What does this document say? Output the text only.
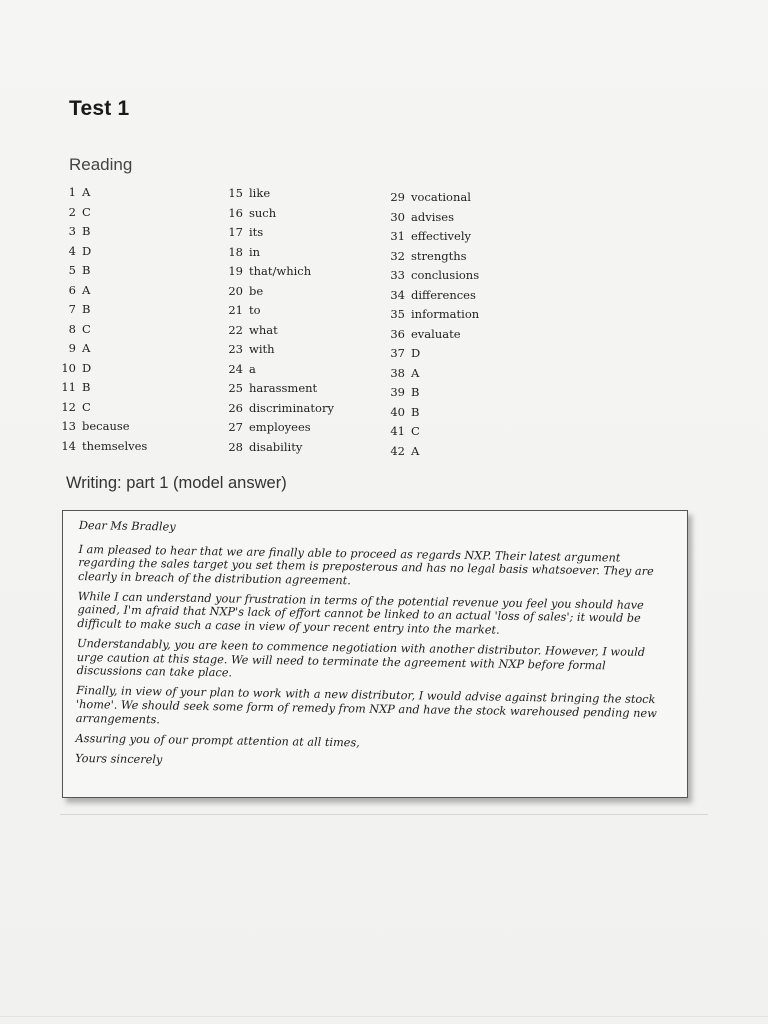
Test 1
Reading
1 A
2 C
3 B
4 D
5 B
6 A
7 B
8 C
9 A
10 D
11 B
12 C
13 because
14 themselves
15 like
16 such
17 its
18 in
19 that/which
20 be
21 to
22 what
23 with
24 a
25 harassment
26 discriminatory
27 employees
28 disability
29 vocational
30 advises
31 effectively
32 strengths
33 conclusions
34 differences
35 information
36 evaluate
37 D
38 A
39 B
40 B
41 C
42 A
Writing: part 1 (model answer)

Dear Ms Bradley

I am pleased to hear that we are finally able to proceed as regards NXP. Their latest argument regarding the sales target you set them is preposterous and has no legal basis whatsoever. They are clearly in breach of the distribution agreement.

While I can understand your frustration in terms of the potential revenue you feel you should have gained, I'm afraid that NXP's lack of effort cannot be linked to an actual 'loss of sales'; it would be difficult to make such a case in view of your recent entry into the market.

Understandably, you are keen to commence negotiation with another distributor. However, I would urge caution at this stage. We will need to terminate the agreement with NXP before formal discussions can take place.

Finally, in view of your plan to work with a new distributor, I would advise against bringing the stock 'home'. We should seek some form of remedy from NXP and have the stock warehoused pending new arrangements.

Assuring you of our prompt attention at all times,

Yours sincerely
